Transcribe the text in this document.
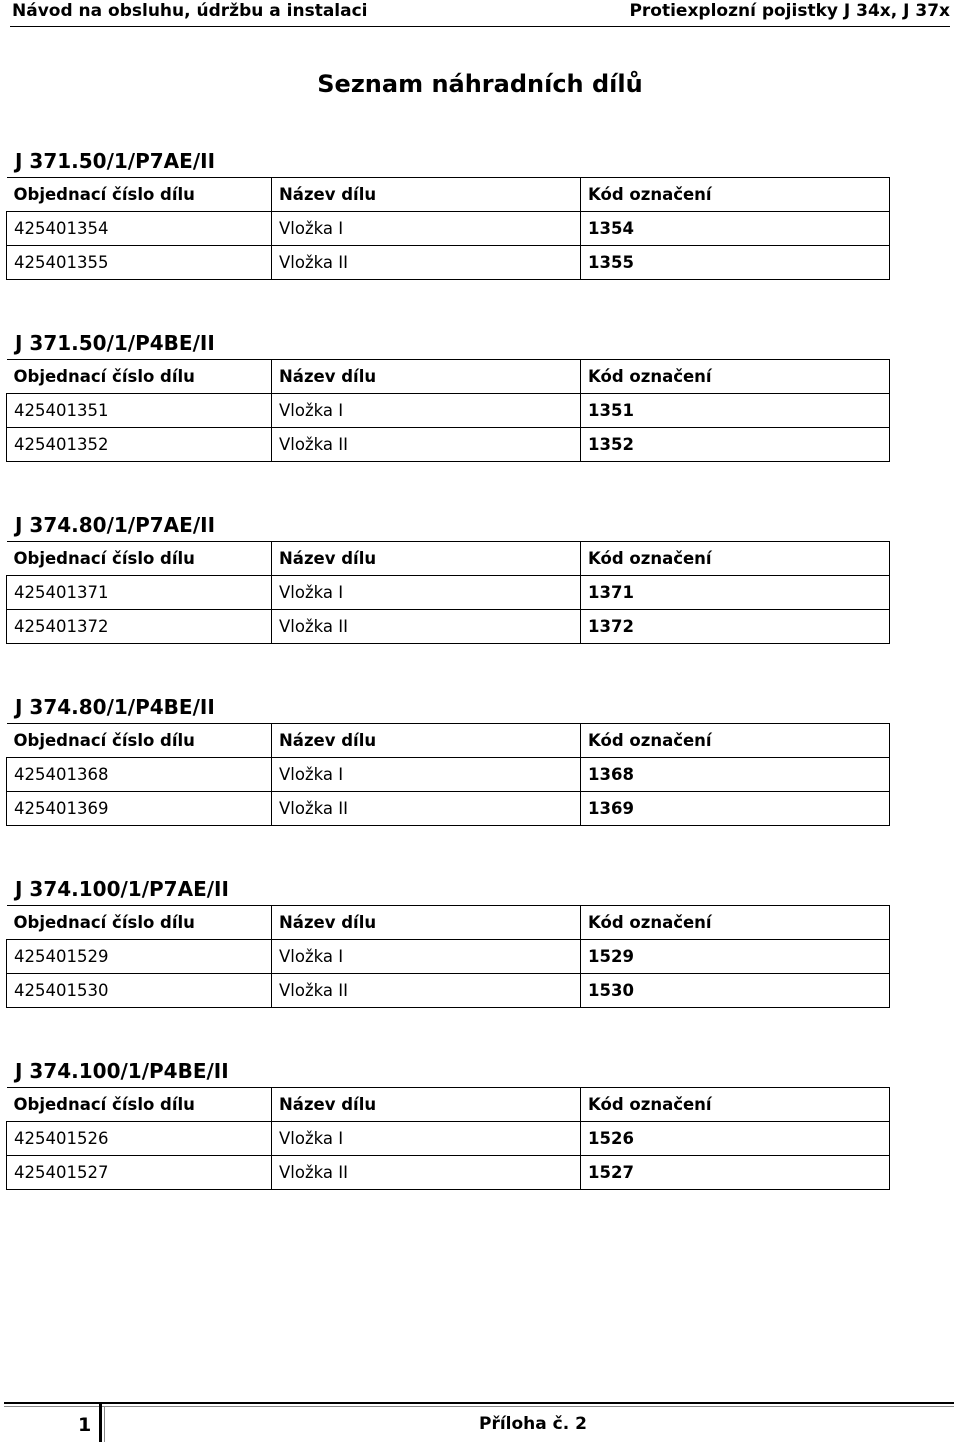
Návod na obsluhu, údržbu a instalaci	Protiexplozní pojistky J 34x, J 37x
Seznam náhradních dílů
J 371.50/1/P7AE/II
Objednací číslo dílu	Název dílu	Kód označení
425401354	Vložka I	1354
425401355	Vložka II	1355
J 371.50/1/P4BE/II
Objednací číslo dílu	Název dílu	Kód označení
425401351	Vložka I	1351
425401352	Vložka II	1352
J 374.80/1/P7AE/II
Objednací číslo dílu	Název dílu	Kód označení
425401371	Vložka I	1371
425401372	Vložka II	1372
J 374.80/1/P4BE/II
Objednací číslo dílu	Název dílu	Kód označení
425401368	Vložka I	1368
425401369	Vložka II	1369
J 374.100/1/P7AE/II
Objednací číslo dílu	Název dílu	Kód označení
425401529	Vložka I	1529
425401530	Vložka II	1530
J 374.100/1/P4BE/II
Objednací číslo dílu	Název dílu	Kód označení
425401526	Vložka I	1526
425401527	Vložka II	1527
1	Příloha č. 2
